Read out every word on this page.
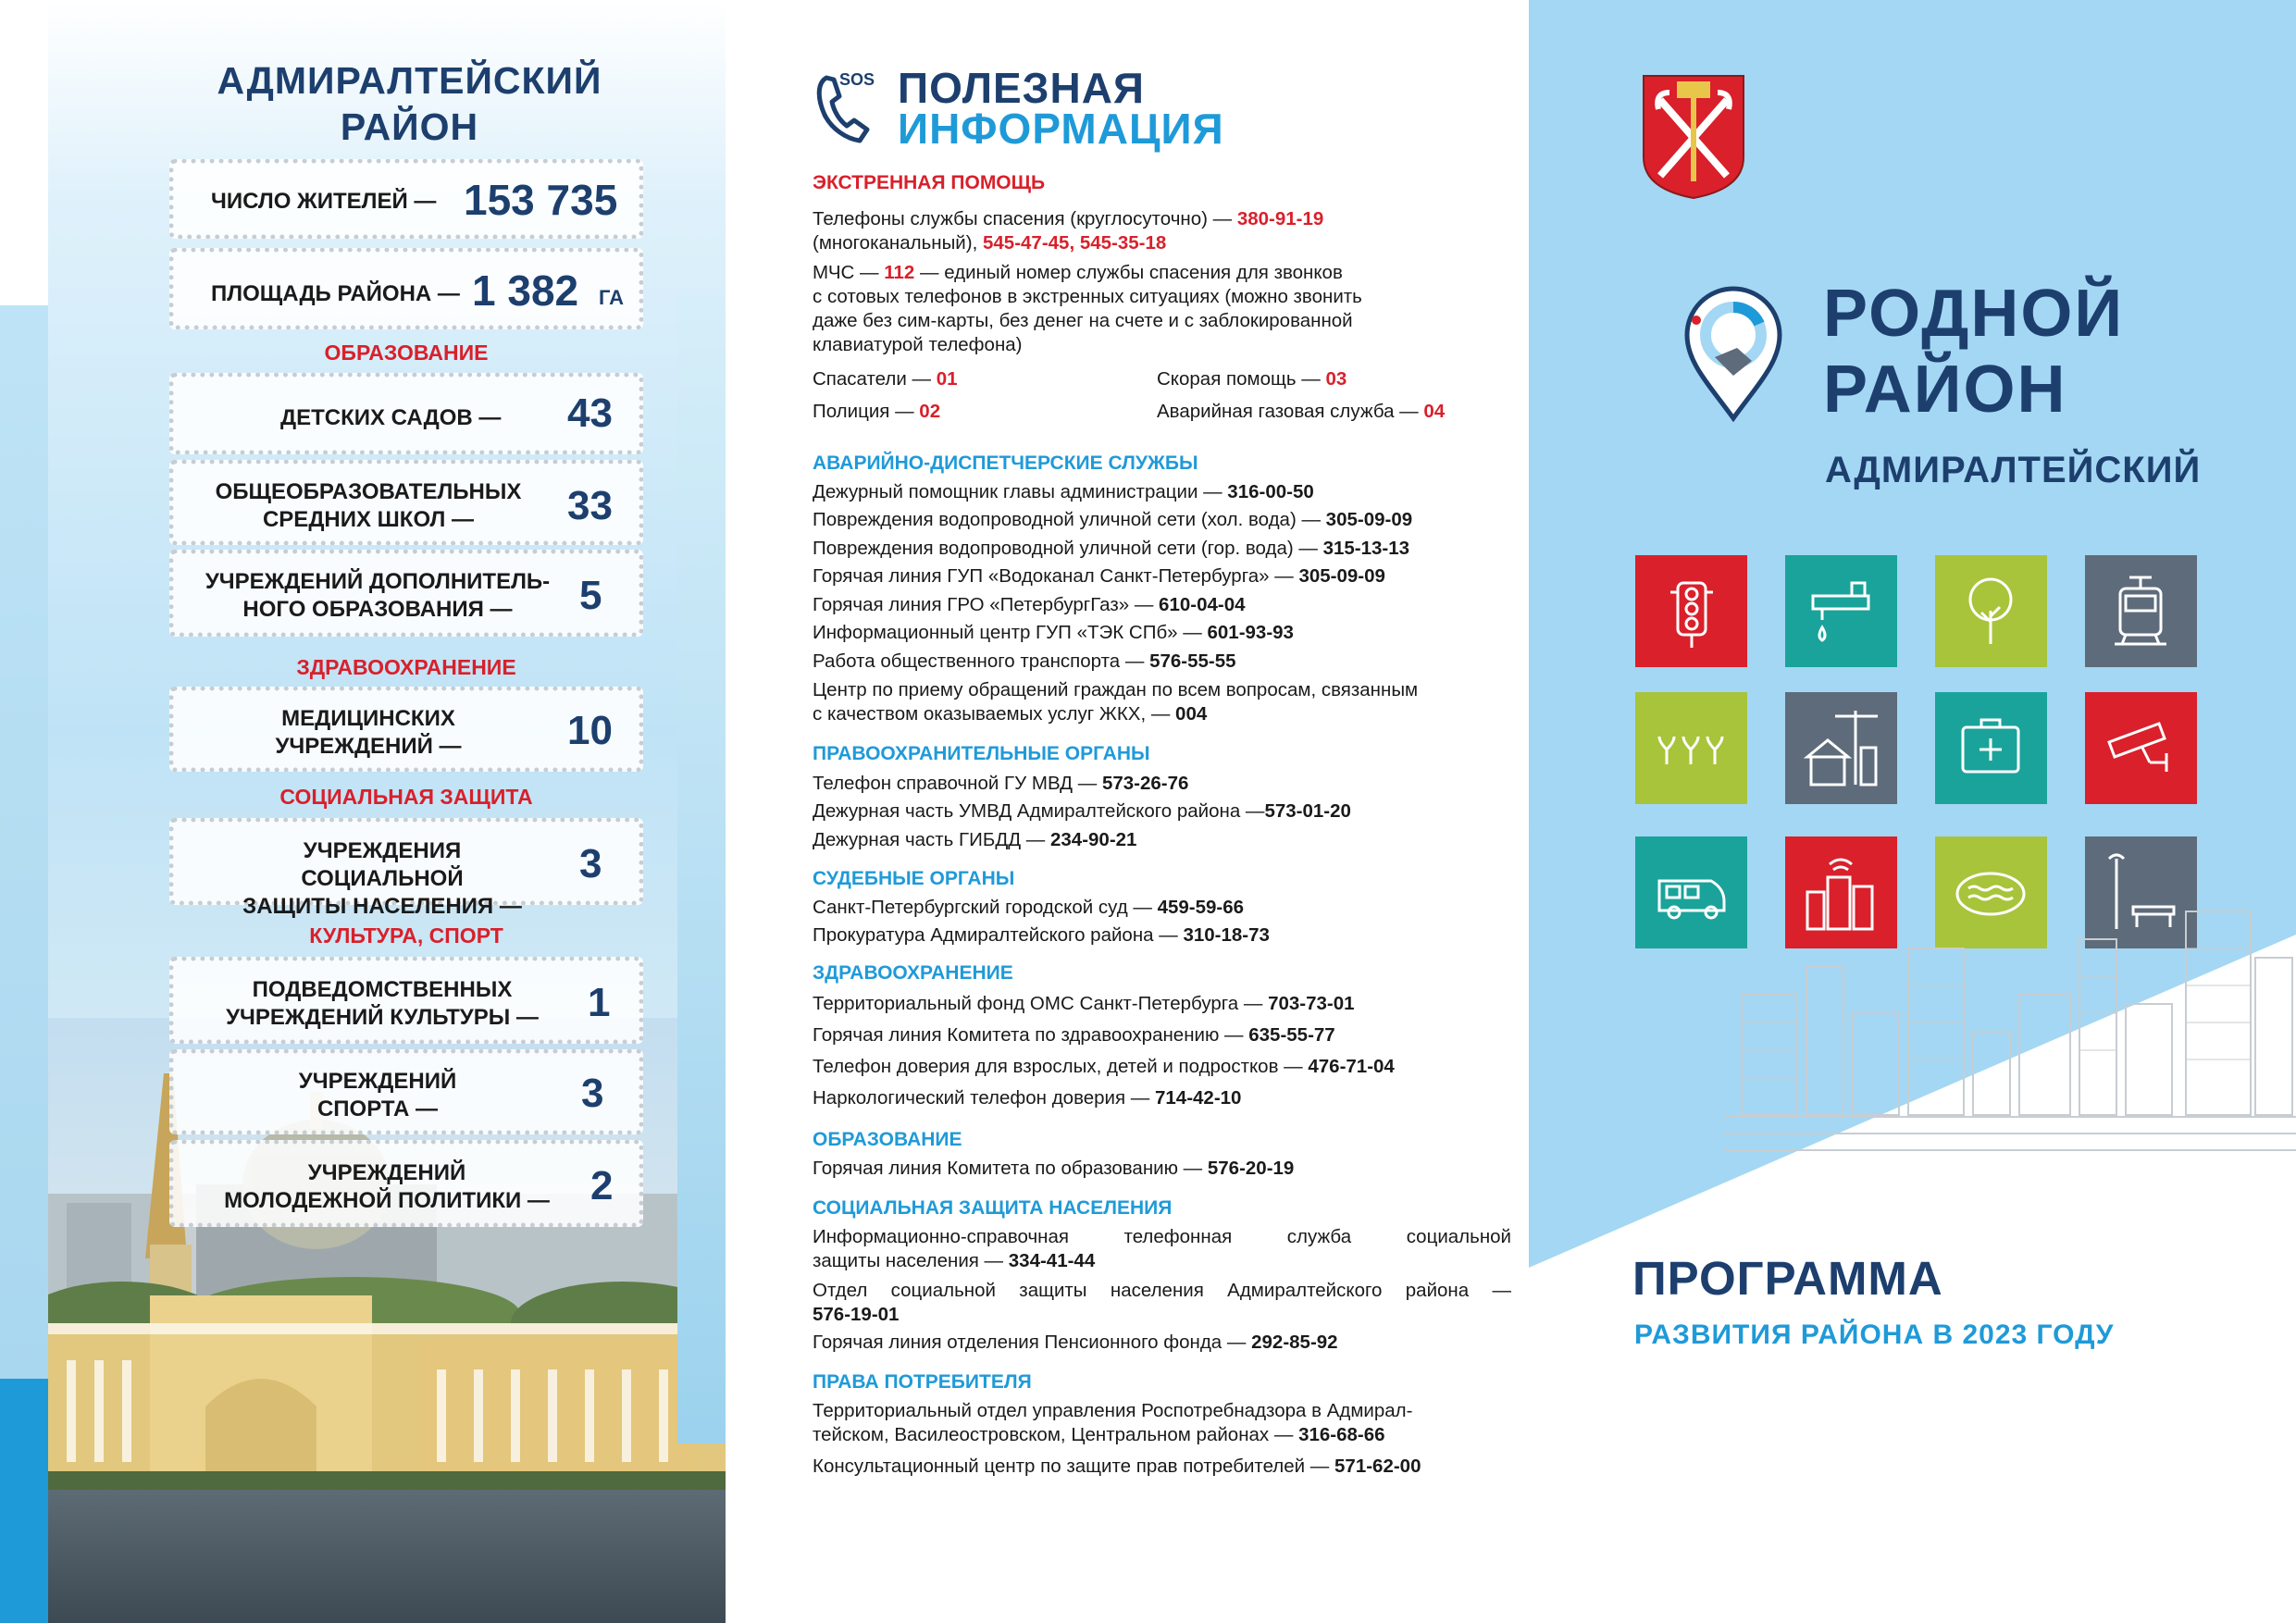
АДМИРАЛТЕЙСКИЙ
РАЙОН
ЧИСЛО ЖИТЕЛЕЙ — 153 735
ПЛОЩАДЬ РАЙОНА — 1 382 ГА
ОБРАЗОВАНИЕ
ДЕТСКИХ САДОВ — 43
ОБЩЕОБРАЗОВАТЕЛЬНЫХ
СРЕДНИХ ШКОЛ —	33
УЧРЕЖДЕНИЙ ДОПОЛНИТЕЛЬ-
НОГО ОБРАЗОВАНИЯ —	5
ЗДРАВООХРАНЕНИЕ
МЕДИЦИНСКИХ
УЧРЕЖДЕНИЙ —	10
СОЦИАЛЬНАЯ ЗАЩИТА
УЧРЕЖДЕНИЯ СОЦИАЛЬНОЙ
ЗАЩИТЫ НАСЕЛЕНИЯ —
3
КУЛЬТУРА, СПОРТ
ПОДВЕДОМСТВЕННЫХ
УЧРЕЖДЕНИЙ КУЛЬТУРЫ —	1
УЧРЕЖДЕНИЙ
СПОРТА —	3
УЧРЕЖДЕНИЙ
МОЛОДЕЖНОЙ ПОЛИТИКИ —	2
SOS ПОЛЕЗНАЯ
ИНФОРМАЦИЯ
ЭКСТРЕННАЯ ПОМОЩЬ
Телефоны службы спасения (круглосуточно) — 380-91-19
(многоканальный), 545-47-45, 545-35-18
МЧС — 112 — единый номер службы спасения для звонков
с сотовых телефонов в экстренных ситуациях (можно звонить
даже без сим-карты, без денег на счете и с заблокированной
клавиатурой телефона)
Спасатели — 01	Скорая помощь — 03
Полиция — 02	Аварийная газовая служба — 04
АВАРИЙНО-ДИСПЕТЧЕРСКИЕ СЛУЖБЫ
Дежурный помощник главы администрации — 316-00-50
Повреждения водопроводной уличной сети (хол. вода) — 305-09-09
Повреждения водопроводной уличной сети (гор. вода) — 315-13-13
Горячая линия ГУП «Водоканал Санкт-Петербурга» — 305-09-09
Горячая линия ГРО «ПетербургГаз» — 610-04-04
Информационный центр ГУП «ТЭК СПб» — 601-93-93
Работа общественного транспорта — 576-55-55
Центр по приему обращений граждан по всем вопросам, связанным
с качеством оказываемых услуг ЖКХ, — 004
ПРАВООХРАНИТЕЛЬНЫЕ ОРГАНЫ
Телефон справочной ГУ МВД — 573-26-76
Дежурная часть УМВД Адмиралтейского района —573-01-20
Дежурная часть ГИБДД — 234-90-21
СУДЕБНЫЕ ОРГАНЫ
Санкт-Петербургский городской суд — 459-59-66
Прокуратура Адмиралтейского района — 310-18-73
ЗДРАВООХРАНЕНИЕ
Территориальный фонд ОМС Санкт-Петербурга — 703-73-01
Горячая линия Комитета по здравоохранению — 635-55-77
Телефон доверия для взрослых, детей и подростков — 476-71-04
Наркологический телефон доверия — 714-42-10
ОБРАЗОВАНИЕ
Горячая линия Комитета по образованию — 576-20-19
СОЦИАЛЬНАЯ ЗАЩИТА НАСЕЛЕНИЯ
Информационно-справочная телефонная служба социальной
защиты населения — 334-41-44
Отдел социальной защиты населения Адмиралтейского района —
576-19-01
Горячая линия отделения Пенсионного фонда — 292-85-92
ПРАВА ПОТРЕБИТЕЛЯ
Территориальный отдел управления Роспотребнадзора в Адмирал-
тейском, Василеостровском, Центральном районах — 316-68-66
Консультационный центр по защите прав потребителей — 571-62-00
РОДНОЙ
РАЙОН
АДМИРАЛТЕЙСКИЙ
ПРОГРАММА
РАЗВИТИЯ РАЙОНА В 2023 ГОДУ
